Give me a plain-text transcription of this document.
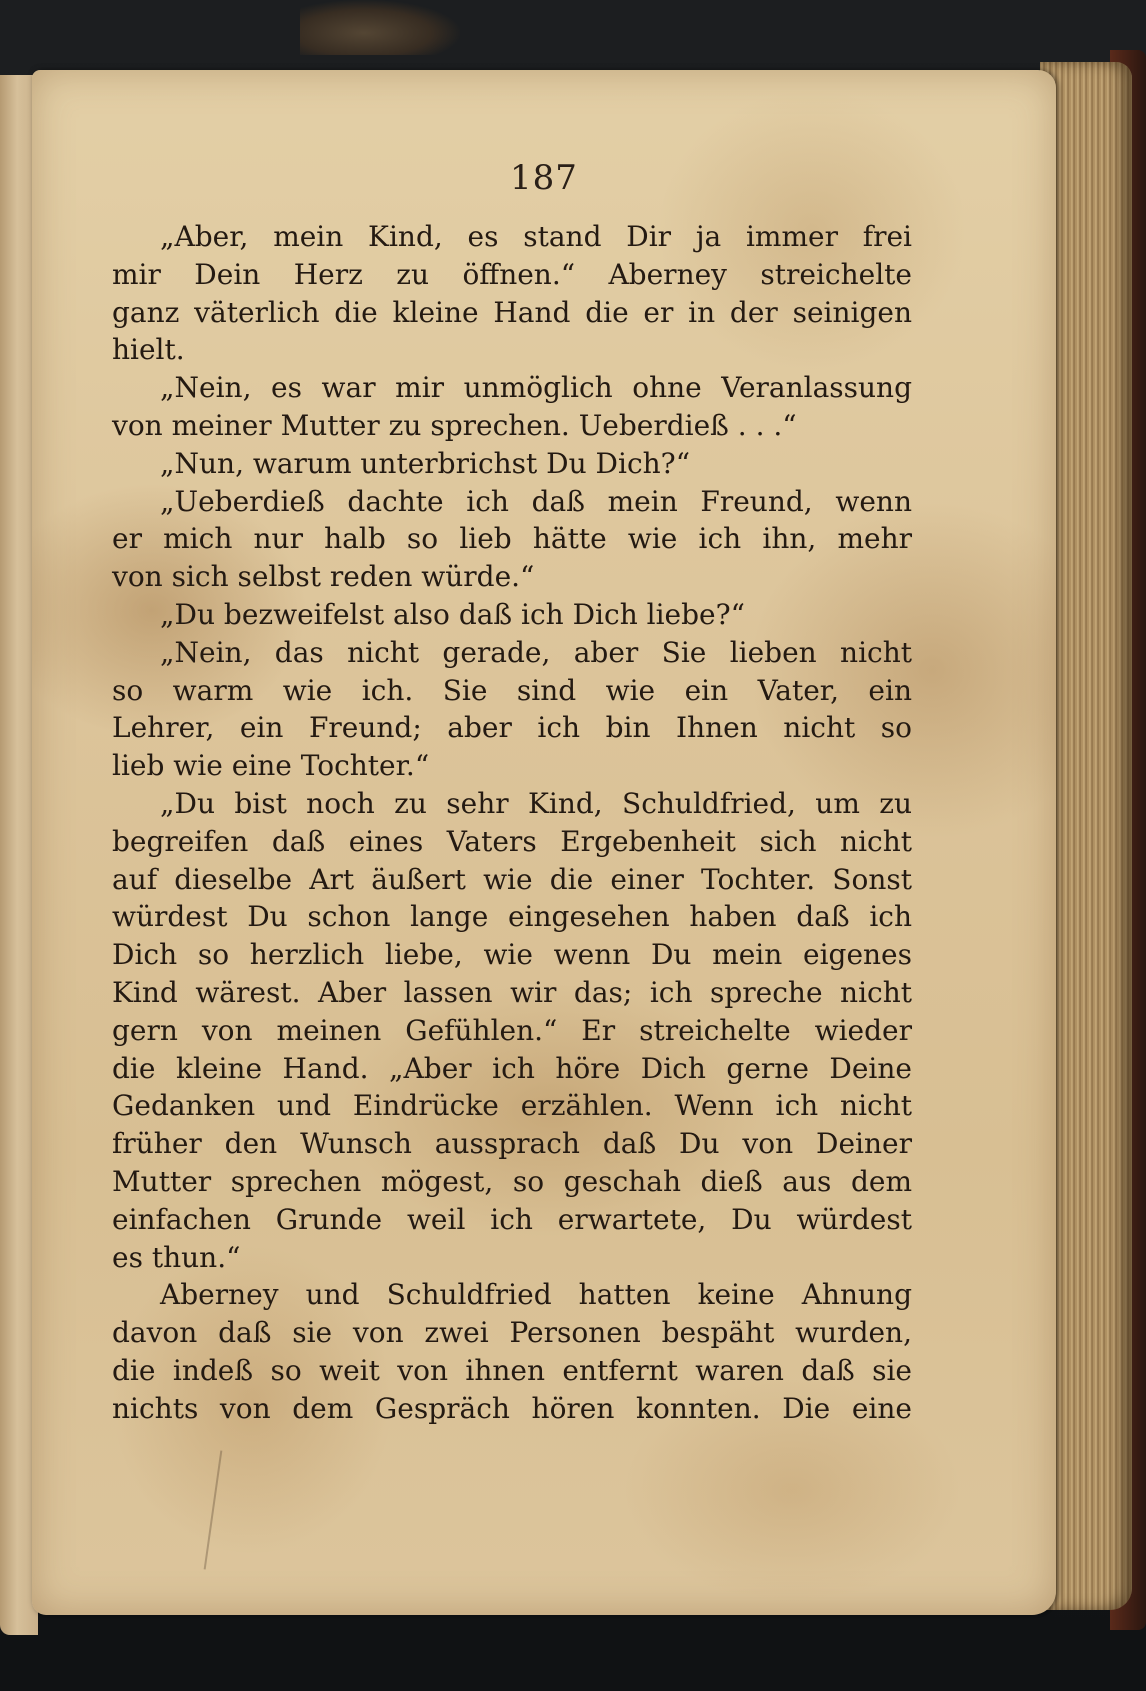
187
„Aber, mein Kind, es stand Dir ja immer frei
mir Dein Herz zu öffnen.“ Aberney streichelte
ganz väterlich die kleine Hand die er in der seinigen
hielt.
„Nein, es war mir unmöglich ohne Veranlassung
von meiner Mutter zu sprechen. Ueberdieß . . .“
„Nun, warum unterbrichst Du Dich?“
„Ueberdieß dachte ich daß mein Freund, wenn
er mich nur halb so lieb hätte wie ich ihn, mehr
von sich selbst reden würde.“
„Du bezweifelst also daß ich Dich liebe?“
„Nein, das nicht gerade, aber Sie lieben nicht
so warm wie ich. Sie sind wie ein Vater, ein
Lehrer, ein Freund; aber ich bin Ihnen nicht so
lieb wie eine Tochter.“
„Du bist noch zu sehr Kind, Schuldfried, um zu
begreifen daß eines Vaters Ergebenheit sich nicht
auf dieselbe Art äußert wie die einer Tochter. Sonst
würdest Du schon lange eingesehen haben daß ich
Dich so herzlich liebe, wie wenn Du mein eigenes
Kind wärest. Aber lassen wir das; ich spreche nicht
gern von meinen Gefühlen.“ Er streichelte wieder
die kleine Hand. „Aber ich höre Dich gerne Deine
Gedanken und Eindrücke erzählen. Wenn ich nicht
früher den Wunsch aussprach daß Du von Deiner
Mutter sprechen mögest, so geschah dieß aus dem
einfachen Grunde weil ich erwartete, Du würdest
es thun.“
Aberney und Schuldfried hatten keine Ahnung
davon daß sie von zwei Personen bespäht wurden,
die indeß so weit von ihnen entfernt waren daß sie
nichts von dem Gespräch hören konnten. Die eine
